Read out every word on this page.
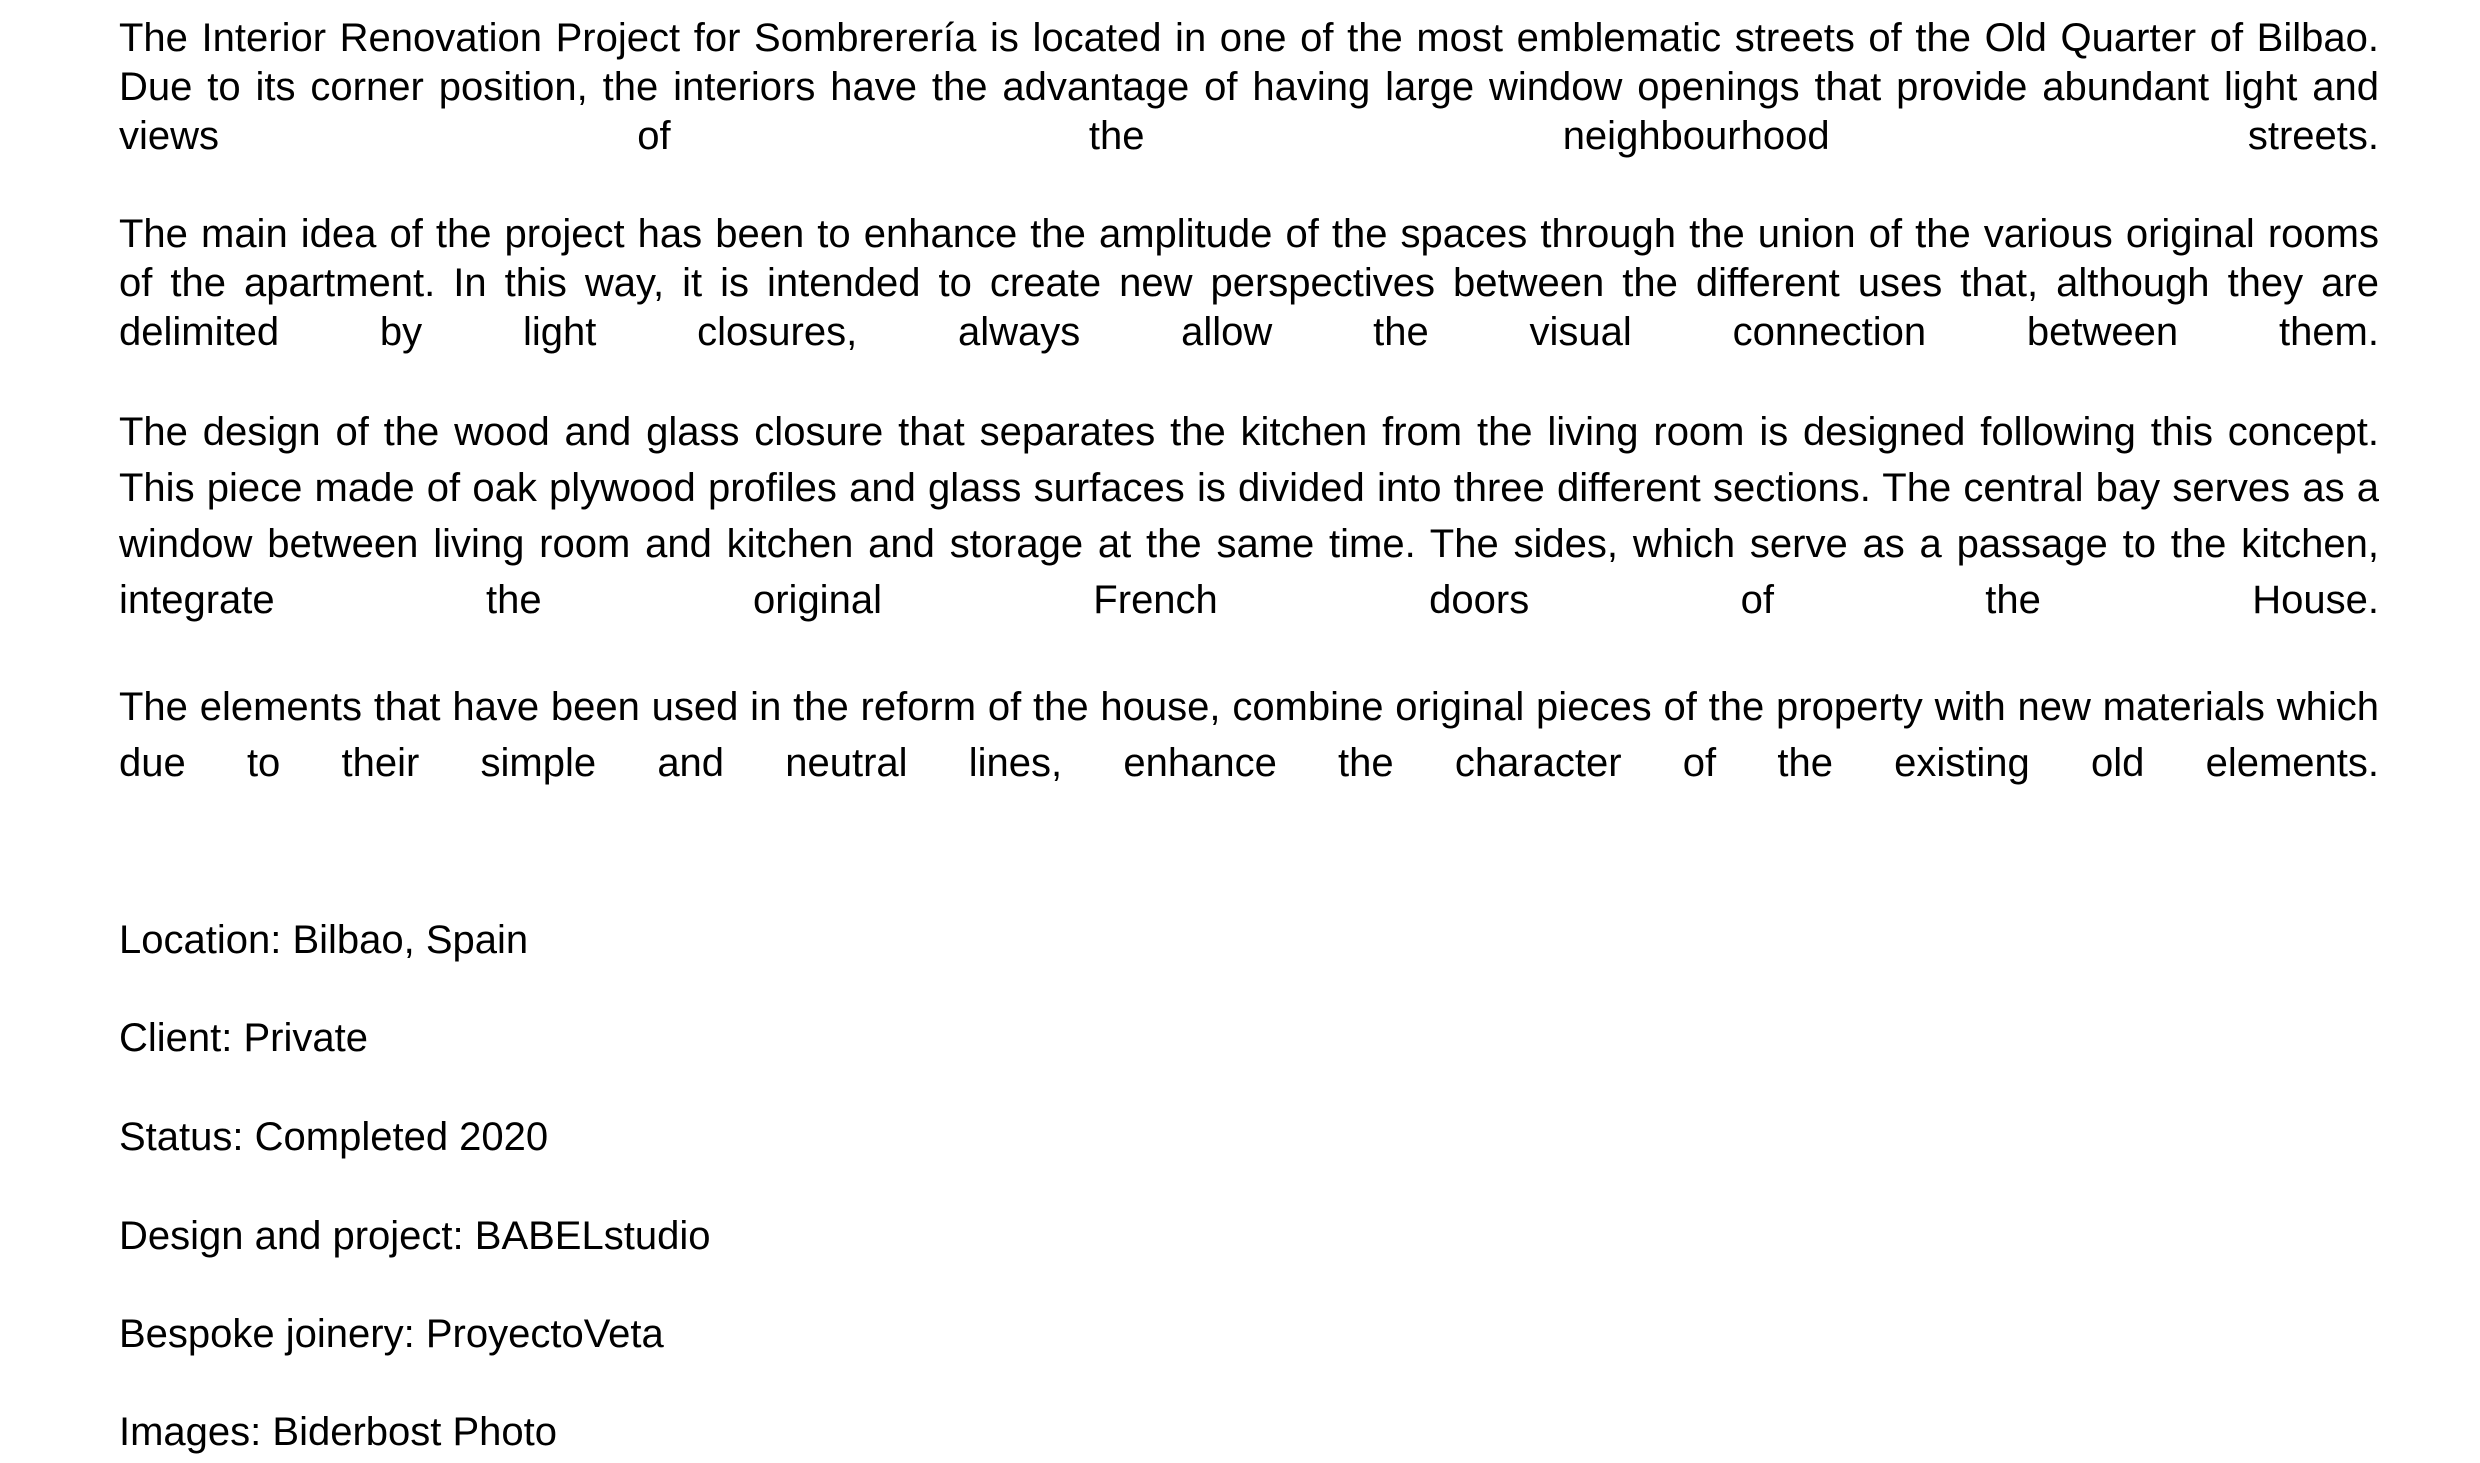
The Interior Renovation Project for Sombrerería is located in one of the most emblematic streets of the Old Quarter of Bilbao. Due to its corner position, the interiors have the advantage of having large window openings that provide abundant light and views of the neighbourhood streets.

The main idea of the project has been to enhance the amplitude of the spaces through the union of the various original rooms of the apartment. In this way, it is intended to create new perspectives between the different uses that, although they are delimited by light closures, always allow the visual connection between them.

The design of the wood and glass closure that separates the kitchen from the living room is designed following this concept. This piece made of oak plywood profiles and glass surfaces is divided into three different sections. The central bay serves as a window between living room and kitchen and storage at the same time. The sides, which serve as a passage to the kitchen, integrate the original French doors of the House.

The elements that have been used in the reform of the house, combine original pieces of the property with new materials which due to their simple and neutral lines, enhance the character of the existing old elements.

Location: Bilbao, Spain

Client: Private

Status: Completed 2020

Design and project: BABELstudio

Bespoke joinery: ProyectoVeta

Images: Biderbost Photo
